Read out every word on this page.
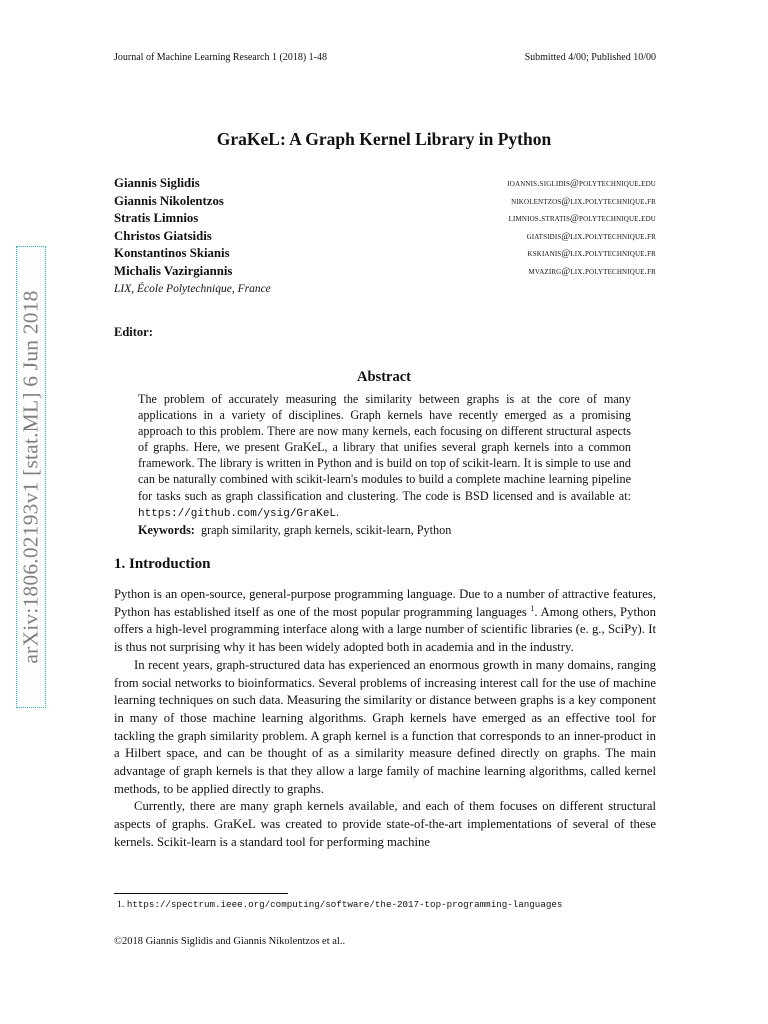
Journal of Machine Learning Research 1 (2018) 1-48	Submitted 4/00; Published 10/00
GraKeL: A Graph Kernel Library in Python
Giannis Siglidis	ioannis.siglidis@polytechnique.edu
Giannis Nikolentzos	nikolentzos@lix.polytechnique.fr
Stratis Limnios	limnios.stratis@polytechnique.edu
Christos Giatsidis	giatsidis@lix.polytechnique.fr
Konstantinos Skianis	kskianis@lix.polytechnique.fr
Michalis Vazirgiannis	mvazirg@lix.polytechnique.fr
LIX, École Polytechnique, France
Editor:
Abstract

The problem of accurately measuring the similarity between graphs is at the core of many applications in a variety of disciplines. Graph kernels have recently emerged as a promising approach to this problem. There are now many kernels, each focusing on different structural aspects of graphs. Here, we present GraKeL, a library that unifies several graph kernels into a common framework. The library is written in Python and is build on top of scikit-learn. It is simple to use and can be naturally combined with scikit-learn's modules to build a complete machine learning pipeline for tasks such as graph classification and clustering. The code is BSD licensed and is available at: https://github.com/ysig/GraKeL.

Keywords: graph similarity, graph kernels, scikit-learn, Python

1. Introduction

Python is an open-source, general-purpose programming language. Due to a number of attractive features, Python has established itself as one of the most popular programming languages $^1$. Among others, Python offers a high-level programming interface along with a large number of scientific libraries (e. g., SciPy). It is thus not surprising why it has been widely adopted both in academia and in the industry.

In recent years, graph-structured data has experienced an enormous growth in many domains, ranging from social networks to bioinformatics. Several problems of increasing interest call for the use of machine learning techniques on such data. Measuring the similarity or distance between graphs is a key component in many of those machine learning algorithms. Graph kernels have emerged as an effective tool for tackling the graph similarity problem. A graph kernel is a function that corresponds to an inner-product in a Hilbert space, and can be thought of as a similarity measure defined directly on graphs. The main advantage of graph kernels is that they allow a large family of machine learning algorithms, called kernel methods, to be applied directly to graphs.

Currently, there are many graph kernels available, and each of them focuses on different structural aspects of graphs. GraKeL was created to provide state-of-the-art implementations of several of these kernels. Scikit-learn is a standard tool for performing machine

1. https://spectrum.ieee.org/computing/software/the-2017-top-programming-languages
©2018 Giannis Siglidis and Giannis Nikolentzos et al..
arXiv:1806.02193v1 [stat.ML] 6 Jun 2018
